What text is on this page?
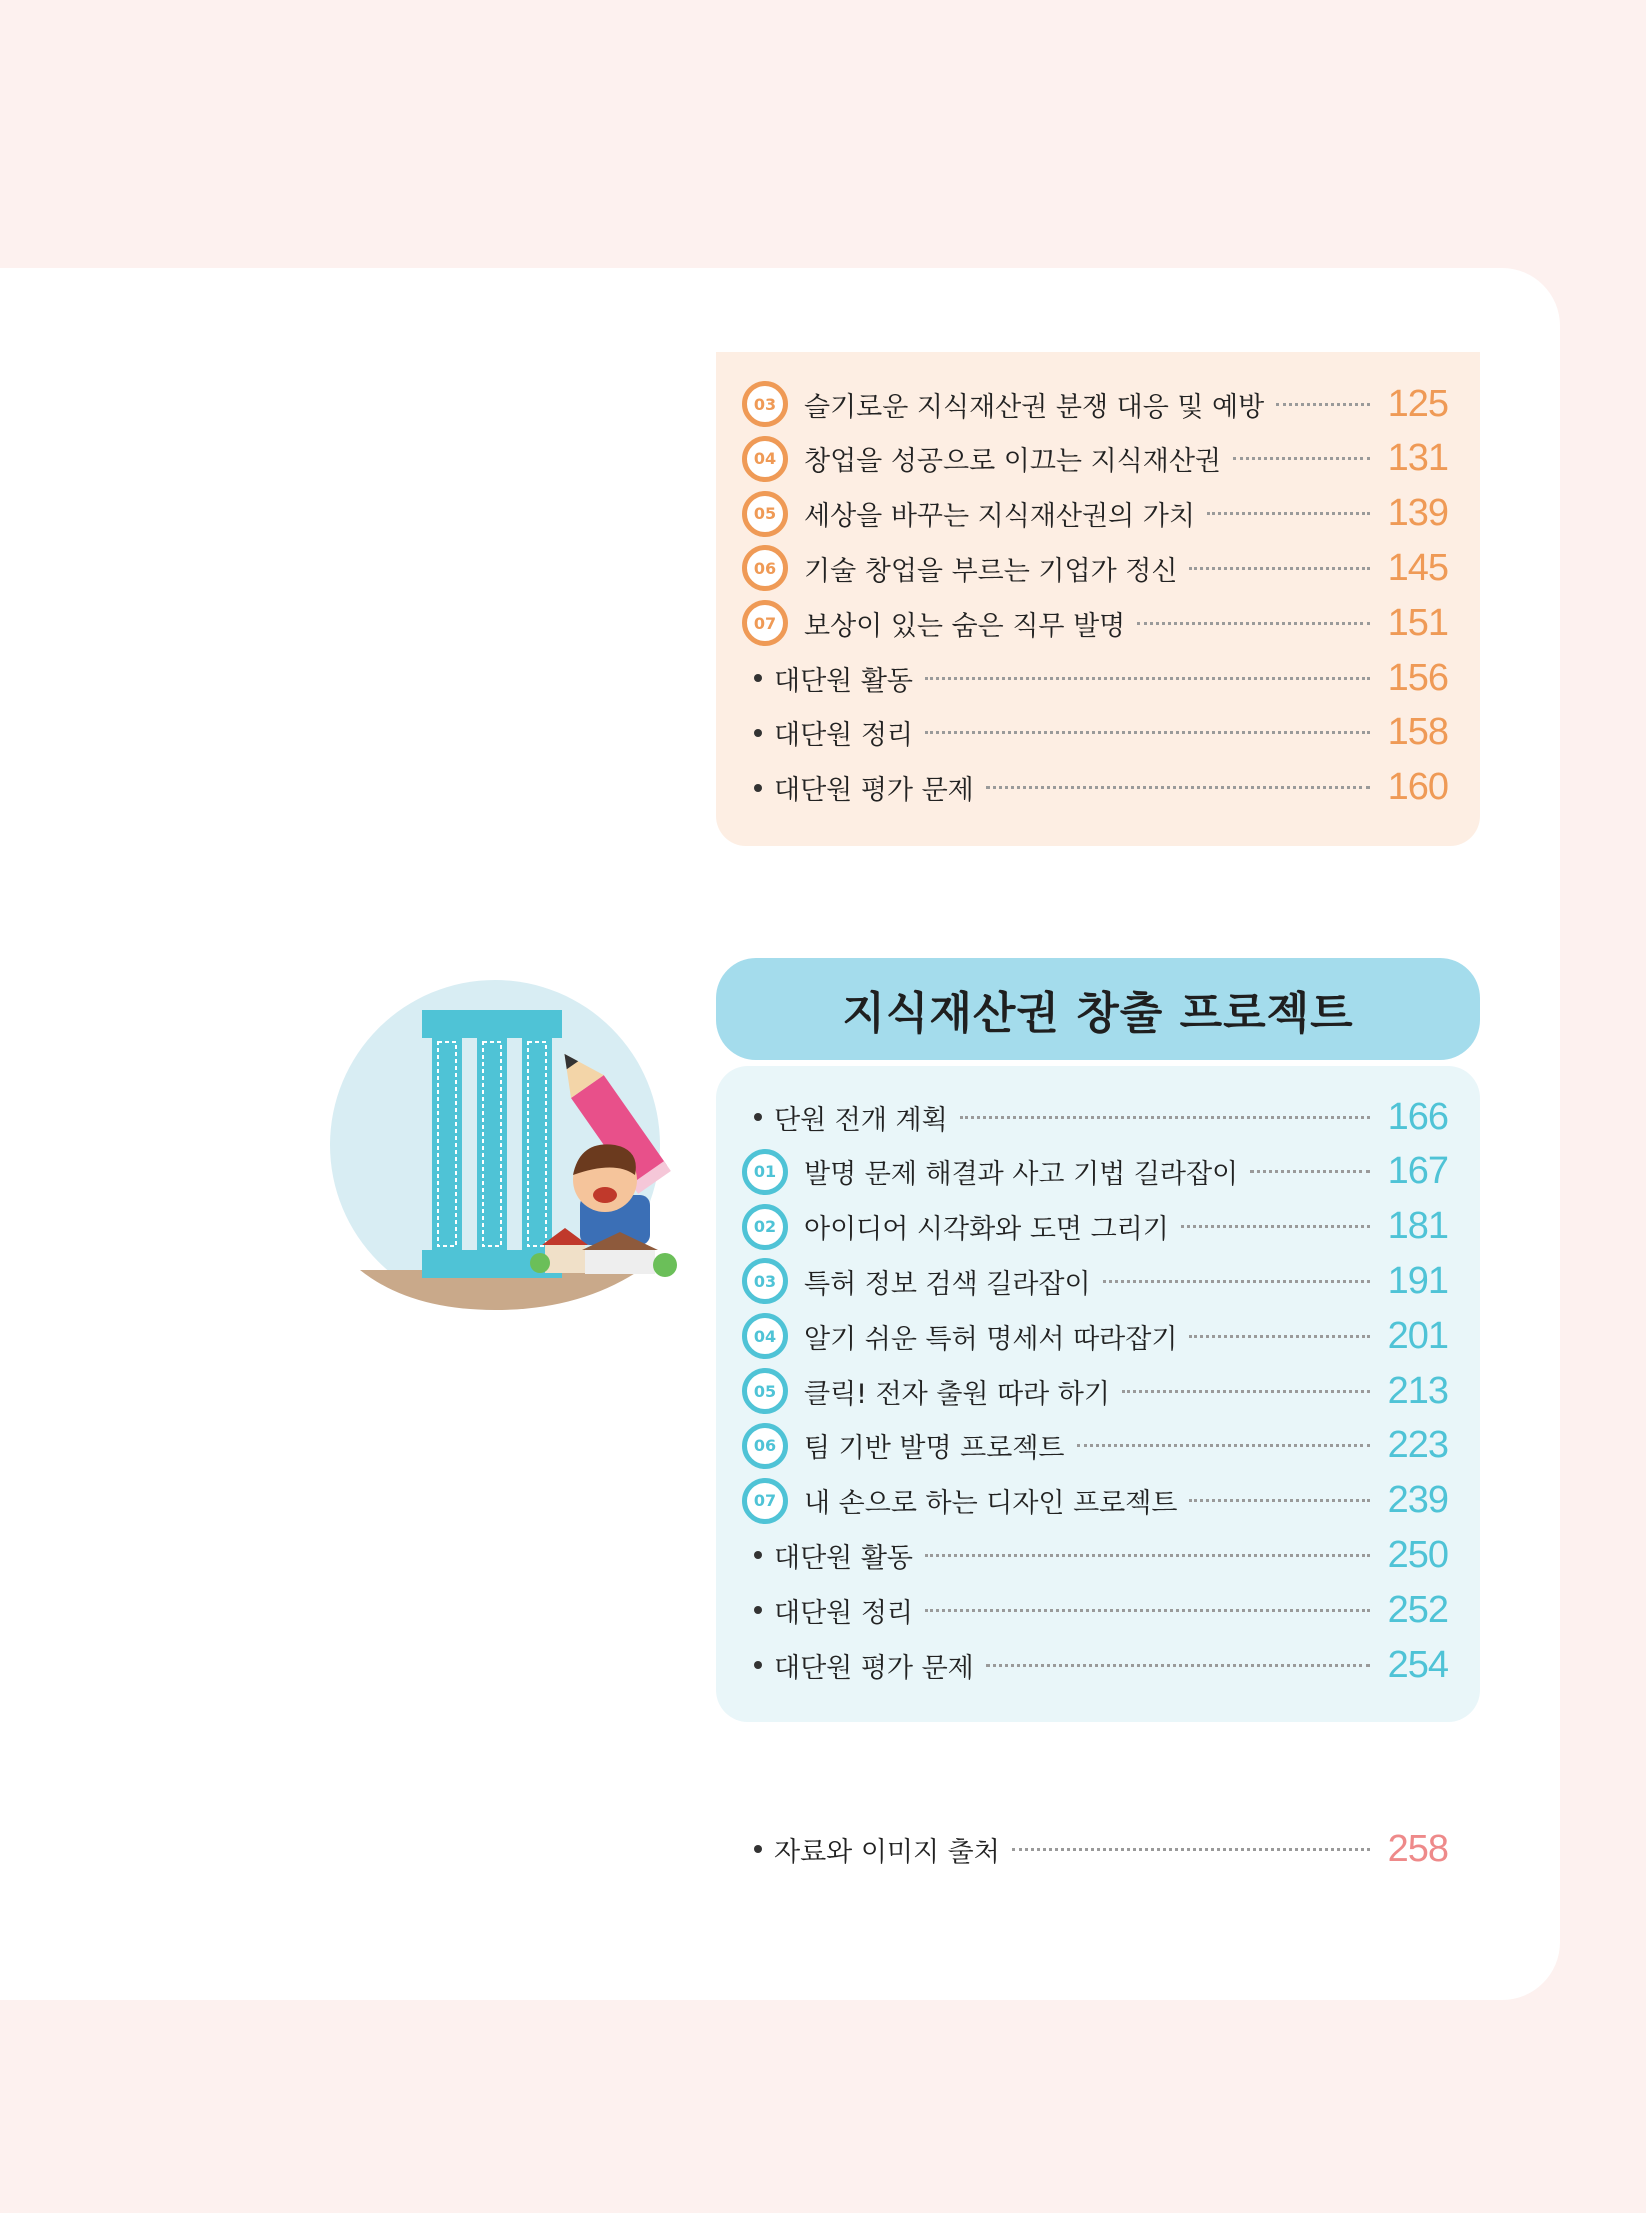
03	슬기로운 지식재산권 분쟁 대응 및 예방	125
04	창업을 성공으로 이끄는 지식재산권	131
05	세상을 바꾸는 지식재산권의 가치	139
06	기술 창업을 부르는 기업가 정신	145
07	보상이 있는 숨은 직무 발명	151
대단원 활동	156
대단원 정리	158
대단원 평가 문제	160
지식재산권 창출 프로젝트
단원 전개 계획	166
01	발명 문제 해결과 사고 기법 길라잡이	167
02	아이디어 시각화와 도면 그리기	181
03	특허 정보 검색 길라잡이	191
04	알기 쉬운 특허 명세서 따라잡기	201
05	클릭! 전자 출원 따라 하기	213
06	팀 기반 발명 프로젝트	223
07	내 손으로 하는 디자인 프로젝트	239
대단원 활동	250
대단원 정리	252
대단원 평가 문제	254
자료와 이미지 출처	258
